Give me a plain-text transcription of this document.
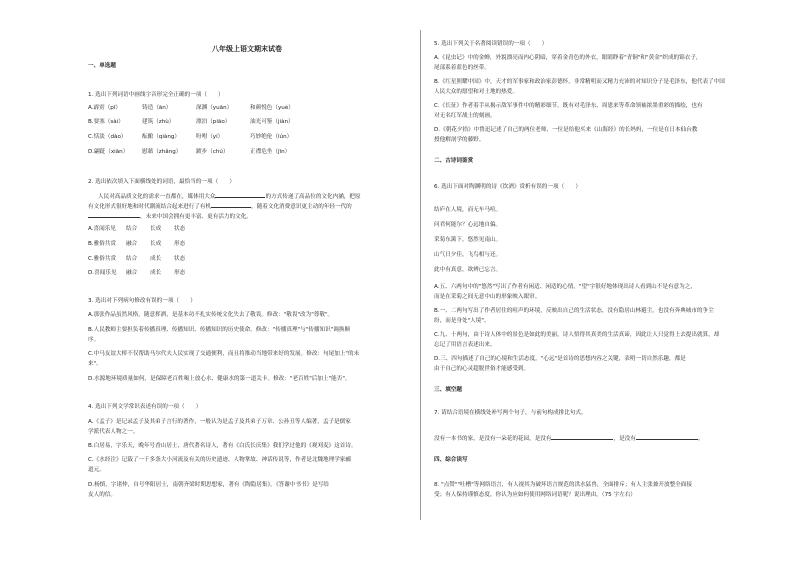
八年级上语文期末试卷
一、单选题
1. 选出下列词语中画线字音形完全正确的一项（　　）
A.霹雳（pī）	铸造（ān）	深渊（yuān）	和颜悦色（yuè）
B.要塞（sài）	建筑（zhù）	漂泊（piāo）	油光可鉴（jiàn）
C.恬淡（dào）	酝酿（qiàng）	吩咐（yí）	巧妙绝伦（lún）
D.翩跹（xiān） 慰藉（zhǎng）	踱步（chú）	正襟危坐（jīn）
2. 选出依次填入下面横线处的词语，最恰当的一项（　　）
人民对高品质文化的需求一直都在，媒体用大众	的方式传递了高品位的文化内涵，把原
有文化形式很好地和时代潮流结合起来进行了有机	，随着文化消费意识更主动的年轻一代的
，未来中国会拥有更丰富、更有活力的文化。
A.喜闻乐见 结合 长成 状态
B.雅俗共赏 融合 长成 形态
C.雅俗共赏 结合 成长 状态
D.喜闻乐见 融合 成长 形态
3. 选出对下列病句修改有误的一项（　　）
A.那张作品虽然风格，随意挥洒，是基本功不扎实传统文化失去了敬畏。修改："敬畏"改为"尊敬"。
B.人民教师主要担负着传播真理、传播知识、传播知识的历史使命。修改："传播真理"与"传播知识"调换顺
序。
C.中马友谊大桥不仅帮助马尔代夫人民实现了交通便利，而且将推动当地带来好的发展。修改：句尾加上"的未
来"。
D.水源地环境质量如何，是保障老百姓喝上放心水、健康水的第一道关卡。修改："老百姓"后加上"能否"。
4. 选出下列文学常识表述有误的一项（　　）
A.《孟子》是记录孟子及其弟子言行的著作，一般认为是孟子及其弟子万章、公孙丑等人编著，孟子是儒家
学派代表人物之一。
B.白居易，字乐天，晚年号香山居士，唐代著名诗人，著有《白氏长庆集》我们学过他的《观刈麦》这首诗。
C.《水经注》记载了一千多条大小河流及有关的历史遗迹、人物掌故、神话传说等，作者是北魏地理学家郦
道元。
D.杨慎，字诸仲，自号华阳居士，南朝齐梁时期思想家，著有《陶隐居集》。《答谢中书书》是写给
友人的信。
5. 选出下列关于名著阅读错误的一项（　　）
A.《昆虫记》中的金蝉，外貌漂亮而内心阴暗，穿着金青色的外衣，眼睛睁着"青铜"和"黄金"织成的锦衣子，
尾部系着蓝色的丝带。
B.《红星照耀中国》中，天才的军事家和政治家彭德怀，非常精明而又精力充沛的对知识分子是毛泽东，他代表了中国
人民大众的愿望和对土地的热爱。
C.《长征》作者着手从揭示敌军事件中的精彩细节，既有对毛泽东、周恩来等革命领袖浓墨重彩的描绘，也有
对无名红军战士的刻画。
D.《朝花夕拾》中鲁迅记述了自己的两位老师，一位是给他买来《山海经》的长妈妈，一位是在日本仙台教
授他解剖学的藤野。
二、古诗词鉴赏
6. 选出下面对陶渊明的诗《饮酒》赏析有误的一项（　　）
结庐在人境，而无车马喧。
问君何能尔？心远地自偏。
采菊东篱下，悠然见南山。
山气日夕佳，飞鸟相与还。
此中有真意，欲辨已忘言。
A.五、六两句中的"悠然"写出了作者有闲适、闲适的心情，"望"字很好地体现出诗人看到山不是有意为之，
而是在采菊之间无意中山的形象映入眼帘。
B.一、二两句写出了作者居住的喧声的环境，反映出自己的生活状态，没有隐居山林避尘，也没有奔典城市的争尘
纷，而是身处"人境"。
C.九、十两句，由于诗人体中的景色是如此的美丽，诗人悟得其真美的生活真谛，因此让人只觉得上去提出就算，却
忘记了用语言表述出来。
D.三、四句描述了自己的心境和生活态度。"心远"是首诗的思想内容之关键，表明一切自然乐趣，都是
由于自己的心灵超脱世俗才能感受到。
三、填空题
7. 请结合语境在横线处补写两个句子，与前句构成排比句式。
没有一本书的家，是没有一朵花的花园，是没有	，是没有	。
四、综合读写
8. "点赞""吐槽"等网络语言，有人视其为破坏语言规范的洪水猛兽，全面排斥；有人主张兼开放整全面接
受；有人保持谨慎态度，你认为应如何使用网络词语呢？说出理由。（75 字左右）
